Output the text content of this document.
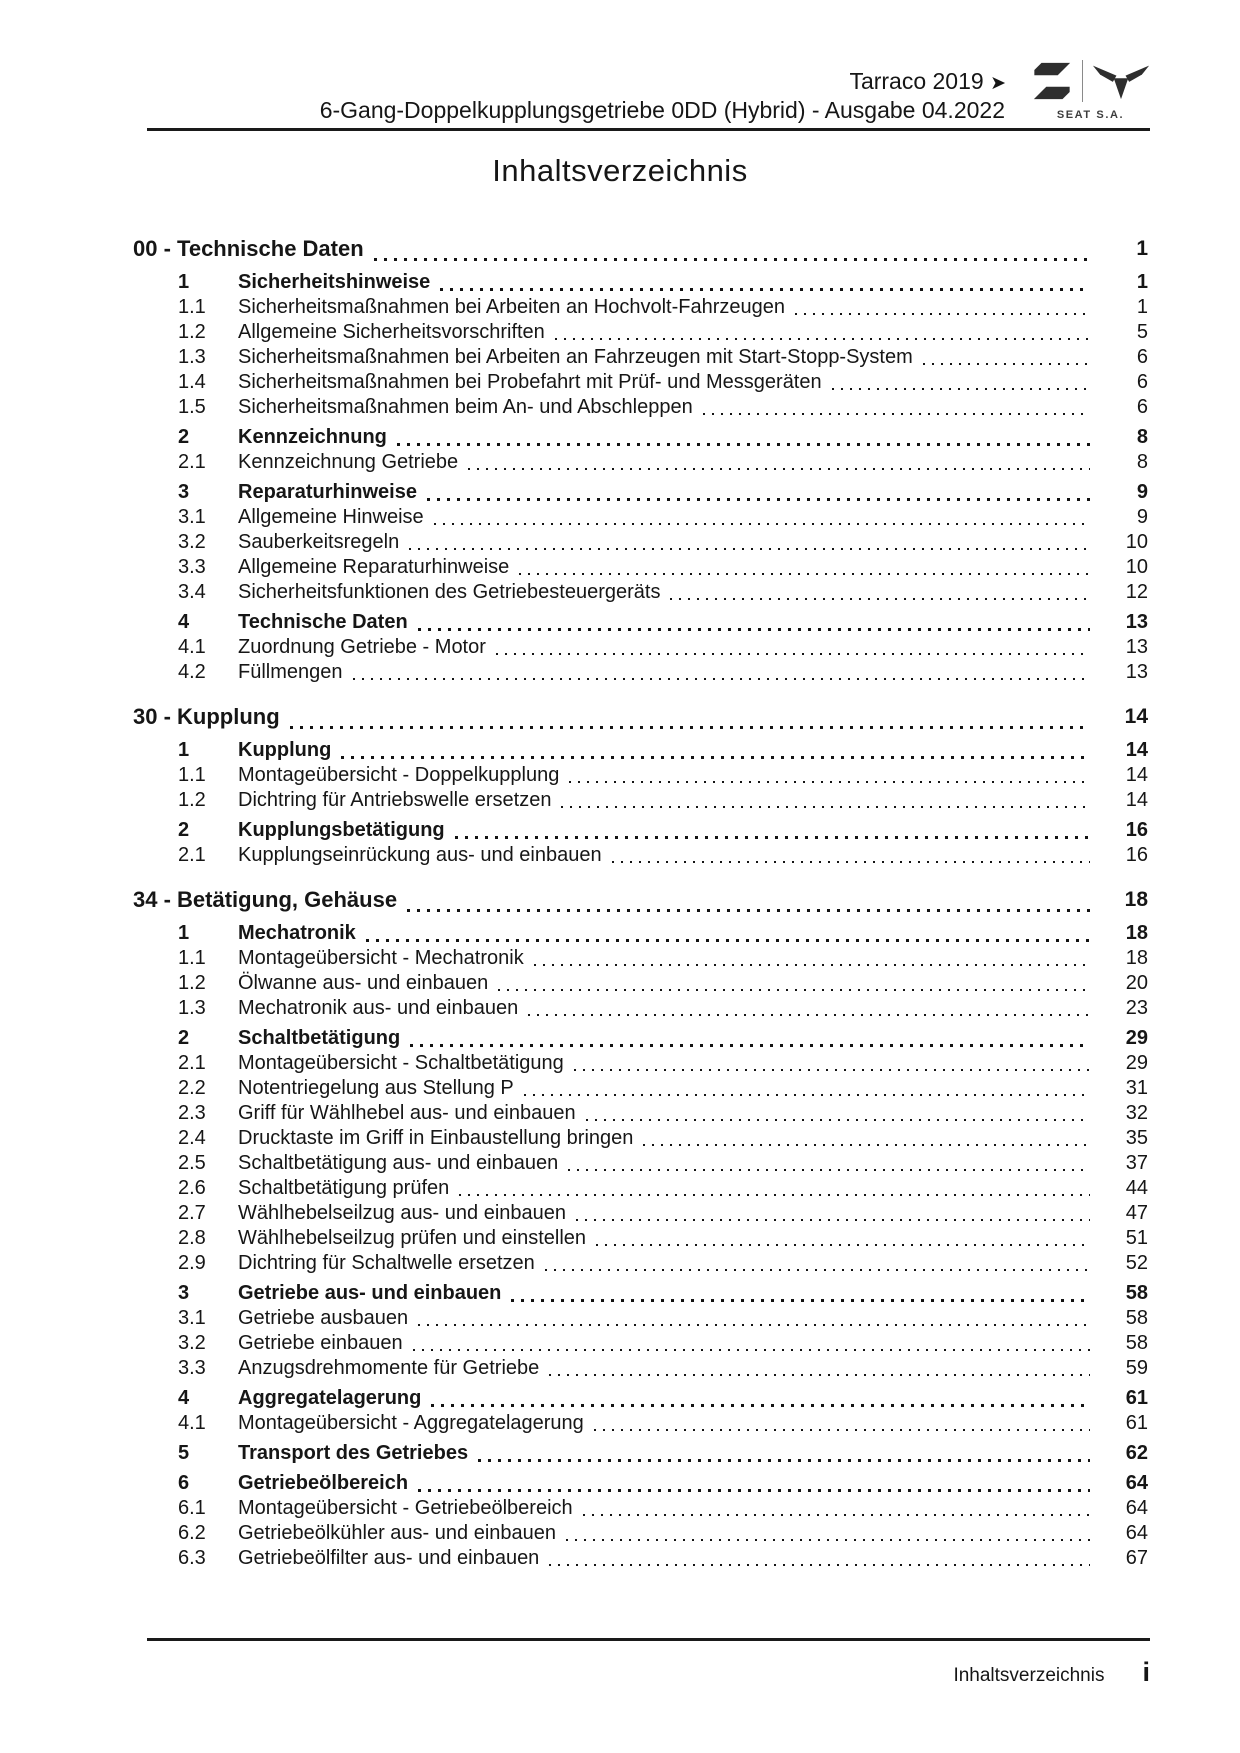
Tarraco 2019 ➤
6-Gang-Doppelkupplungsgetriebe 0DD (Hybrid) - Ausgabe 04.2022	SEAT S.A.
Inhaltsverzeichnis
00 - Technische Daten	1
1	Sicherheitshinweise	1
1.1	Sicherheitsmaßnahmen bei Arbeiten an Hochvolt-Fahrzeugen	1
1.2	Allgemeine Sicherheitsvorschriften	5
1.3	Sicherheitsmaßnahmen bei Arbeiten an Fahrzeugen mit Start-Stopp-System	6
1.4	Sicherheitsmaßnahmen bei Probefahrt mit Prüf- und Messgeräten	6
1.5	Sicherheitsmaßnahmen beim An- und Abschleppen	6
2	Kennzeichnung	8
2.1	Kennzeichnung Getriebe	8
3	Reparaturhinweise	9
3.1	Allgemeine Hinweise	9
3.2	Sauberkeitsregeln	10
3.3	Allgemeine Reparaturhinweise	10
3.4	Sicherheitsfunktionen des Getriebesteuergeräts	12
4	Technische Daten	13
4.1	Zuordnung Getriebe - Motor	13
4.2	Füllmengen	13
30 - Kupplung	14
1	Kupplung	14
1.1	Montageübersicht - Doppelkupplung	14
1.2	Dichtring für Antriebswelle ersetzen	14
2	Kupplungsbetätigung	16
2.1	Kupplungseinrückung aus- und einbauen	16
34 - Betätigung, Gehäuse	18
1	Mechatronik	18
1.1	Montageübersicht - Mechatronik	18
1.2	Ölwanne aus- und einbauen	20
1.3	Mechatronik aus- und einbauen	23
2	Schaltbetätigung	29
2.1	Montageübersicht - Schaltbetätigung	29
2.2	Notentriegelung aus Stellung P	31
2.3	Griff für Wählhebel aus- und einbauen	32
2.4	Drucktaste im Griff in Einbaustellung bringen	35
2.5	Schaltbetätigung aus- und einbauen	37
2.6	Schaltbetätigung prüfen	44
2.7	Wählhebelseilzug aus- und einbauen	47
2.8	Wählhebelseilzug prüfen und einstellen	51
2.9	Dichtring für Schaltwelle ersetzen	52
3	Getriebe aus- und einbauen	58
3.1	Getriebe ausbauen	58
3.2	Getriebe einbauen	58
3.3	Anzugsdrehmomente für Getriebe	59
4	Aggregatelagerung	61
4.1	Montageübersicht - Aggregatelagerung	61
5	Transport des Getriebes	62
6	Getriebeölbereich	64
6.1	Montageübersicht - Getriebeölbereich	64
6.2	Getriebeölkühler aus- und einbauen	64
6.3	Getriebeölfilter aus- und einbauen	67
Inhaltsverzeichnis i
